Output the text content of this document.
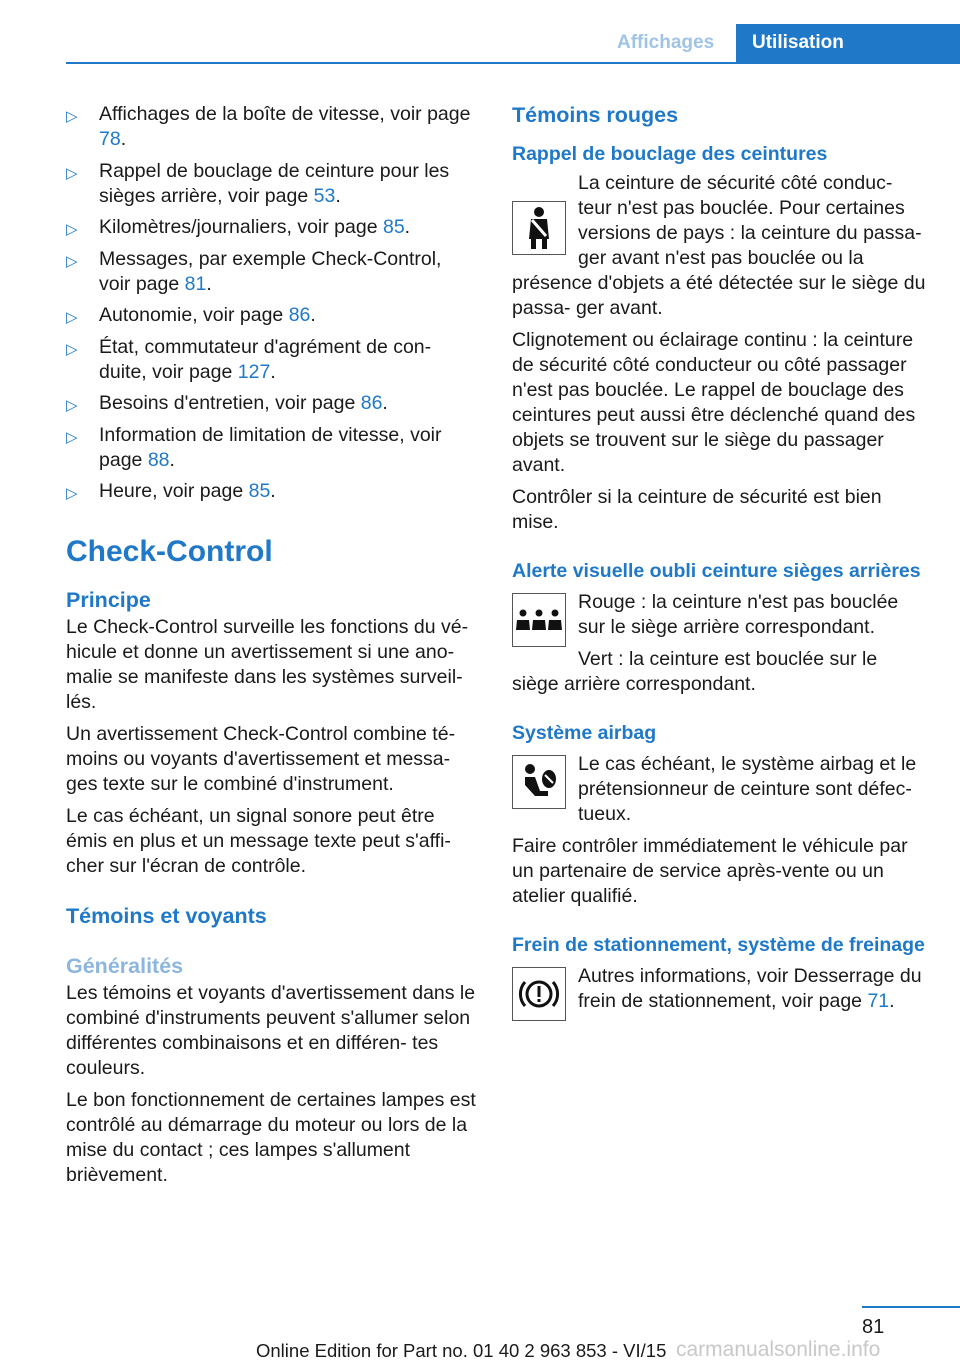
Affichages	Utilisation
▷ Affichages de la boîte de vitesse, voir page 78.
▷ Rappel de bouclage de ceinture pour les sièges arrière, voir page 53.
▷ Kilomètres/journaliers, voir page 85.
▷ Messages, par exemple Check-Control, voir page 81.
▷ Autonomie, voir page 86.
▷ État, commutateur d'agrément de con‐ duite, voir page 127.
▷ Besoins d'entretien, voir page 86.
▷ Information de limitation de vitesse, voir page 88.
▷ Heure, voir page 85.
Check-Control
Principe

Le Check-Control surveille les fonctions du vé‐ hicule et donne un avertissement si une ano‐ malie se manifeste dans les systèmes surveil‐ lés.

Un avertissement Check-Control combine té‐ moins ou voyants d'avertissement et messa‐ ges texte sur le combiné d'instrument.

Le cas échéant, un signal sonore peut être émis en plus et un message texte peut s'affi‐ cher sur l'écran de contrôle.

Témoins et voyants
Généralités

Les témoins et voyants d'avertissement dans le combiné d'instruments peuvent s'allumer selon différentes combinaisons et en différen‐ tes couleurs.

Le bon fonctionnement de certaines lampes est contrôlé au démarrage du moteur ou lors de la mise du contact ; ces lampes s'allument brièvement.

Témoins rouges
Rappel de bouclage des ceintures

La ceinture de sécurité côté conduc‐ teur n'est pas bouclée. Pour certaines versions de pays : la ceinture du passa‐ ger avant n'est pas bouclée ou la présence d'objets a été détectée sur le siège du passa‐ ger avant.

Clignotement ou éclairage continu : la ceinture de sécurité côté conducteur ou côté passager n'est pas bouclée. Le rappel de bouclage des ceintures peut aussi être déclenché quand des objets se trouvent sur le siège du passager avant.

Contrôler si la ceinture de sécurité est bien mise.

Alerte visuelle oubli ceinture sièges arrières

Rouge : la ceinture n'est pas bouclée sur le siège arrière correspondant.

Vert : la ceinture est bouclée sur le siège arrière correspondant.

Système airbag

Le cas échéant, le système airbag et le prétensionneur de ceinture sont défec‐ tueux.

Faire contrôler immédiatement le véhicule par un partenaire de service après-vente ou un atelier qualifié.

Frein de stationnement, système de freinage

Autres informations, voir Desserrage du frein de stationnement, voir page 71.

81
Online Edition for Part no. 01 40 2 963 853 - VI/15 carmanualsonline.info
